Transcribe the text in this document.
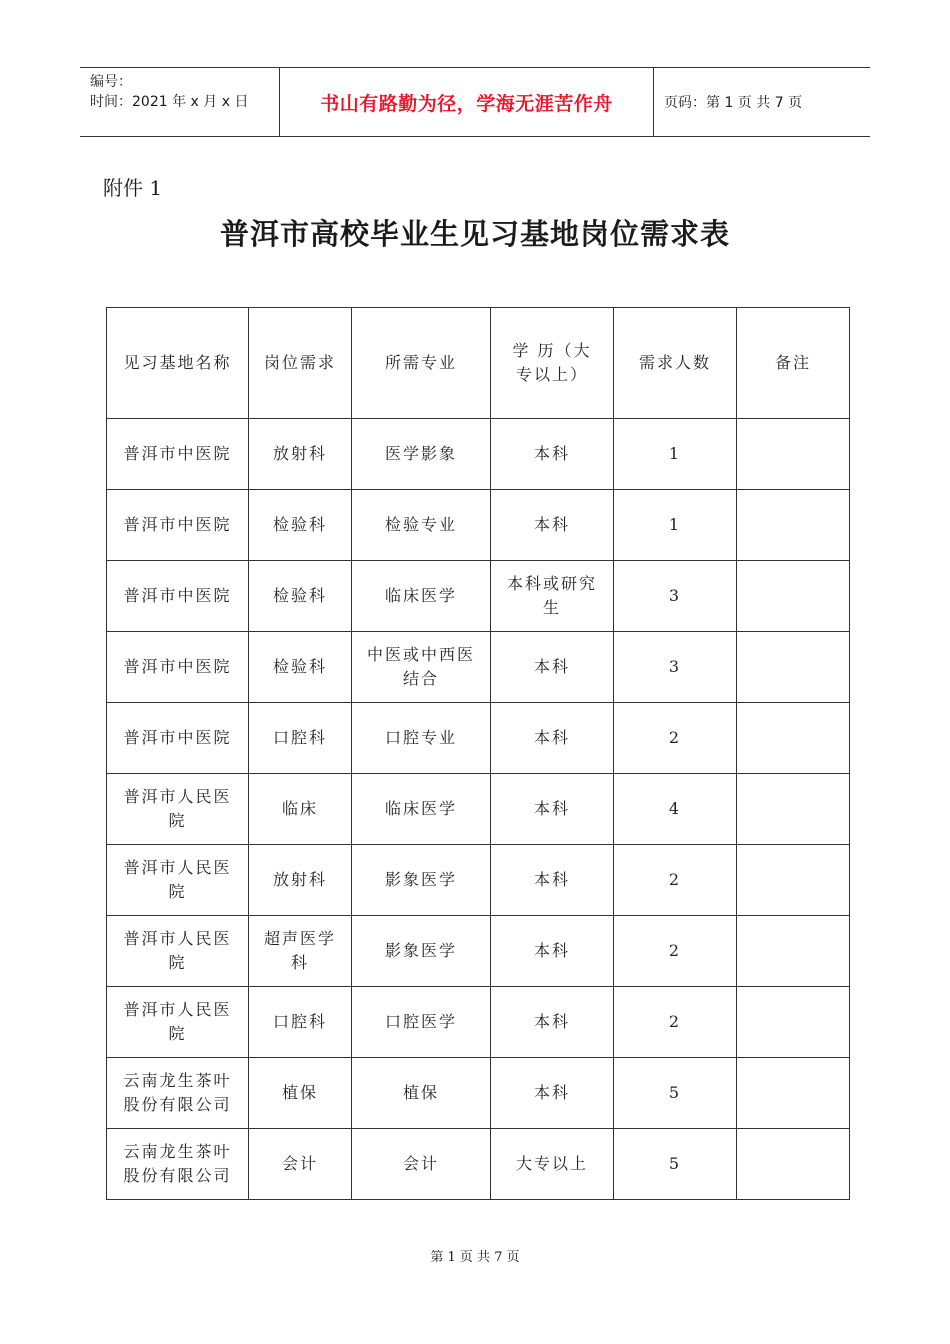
编号：
时间：2021 年 x 月 x 日	书山有路勤为径，学海无涯苦作舟	页码：第 1 页 共 7 页
附件 1
普洱市高校毕业生见习基地岗位需求表
见习基地名称	岗位需求	所需专业	学 历（大专以上）	需求人数	备注
普洱市中医院	放射科	医学影象	本科	1	
普洱市中医院	检验科	检验专业	本科	1	
普洱市中医院	检验科	临床医学	本科或研究生	3	
普洱市中医院	检验科	中医或中西医结合	本科	3	
普洱市中医院	口腔科	口腔专业	本科	2	
普洱市人民医院	临床	临床医学	本科	4	
普洱市人民医院	放射科	影象医学	本科	2	
普洱市人民医院	超声医学科	影象医学	本科	2	
普洱市人民医院	口腔科	口腔医学	本科	2	
云南龙生茶叶股份有限公司	植保	植保	本科	5	
云南龙生茶叶股份有限公司	会计	会计	大专以上	5	
第 1 页 共 7 页
